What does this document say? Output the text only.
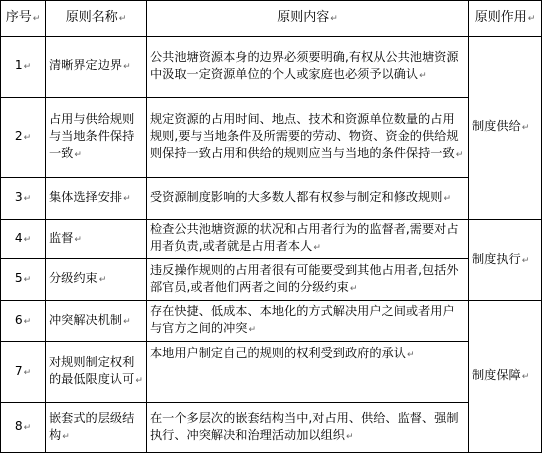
序号↵	原则名称↵	原则内容↵	原则作用↵
1↵	清晰界定边界↵	公共池塘资源本身的边界必须要明确,有权从公共池塘资源中汲取一定资源单位的个人或家庭也必须予以确认↵	制度供给↵
2↵	占用与供给规则与当地条件保持一致↵	规定资源的占用时间、地点、技术和资源单位数量的占用规则,要与当地条件及所需要的劳动、物资、资金的供给规则保持一致占用和供给的规则应当与当地的条件保持一致↵	
3↵	集体选择安排↵	受资源制度影响的大多数人都有权参与制定和修改规则↵	
4↵	监督↵	检查公共池塘资源的状况和占用者行为的监督者,需要对占用者负责,或者就是占用者本人↵	制度执行↵
5↵	分级约束↵	违反操作规则的占用者很有可能要受到其他占用者,包括外部官员,或者他们两者之间的分级约束↵	
6↵	冲突解决机制↵	存在快捷、低成本、本地化的方式解决用户之间或者用户与官方之间的冲突↵	制度保障↵
7↵	对规则制定权利的最低限度认可↵	本地用户制定自己的规则的权利受到政府的承认↵	
8↵	嵌套式的层级结构↵	在一个多层次的嵌套结构当中,对占用、供给、监督、强制执行、冲突解决和治理活动加以组织↵	
